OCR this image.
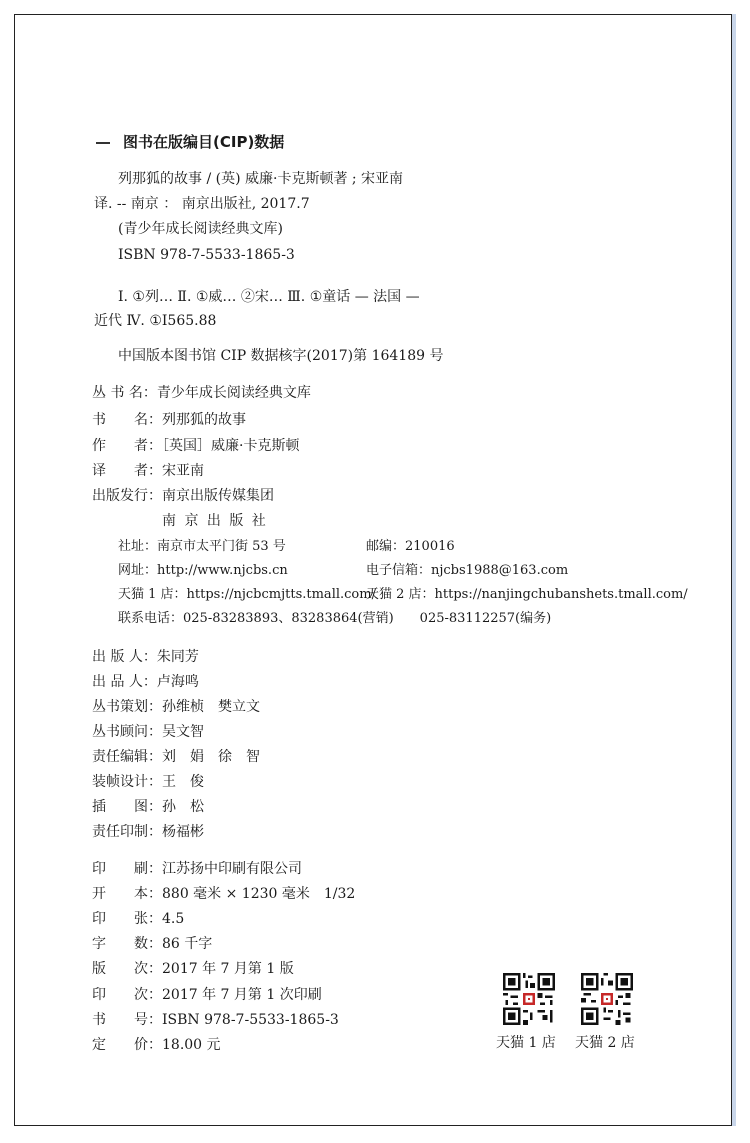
图书在版编目(CIP)数据
列那狐的故事 / (英) 威廉·卡克斯顿著 ; 宋亚南
译. -- 南京 ： 南京出版社, 2017.7
(青少年成长阅读经典文库)
ISBN 978-7-5533-1865-3
Ⅰ. ①列… Ⅱ. ①威… ②宋… Ⅲ. ①童话 — 法国 —
近代 Ⅳ. ①I565.88
中国版本图书馆 CIP 数据核字(2017)第 164189 号
丛 书 名：青少年成长阅读经典文库
书　　名：列那狐的故事
作　　者：［英国］威廉·卡克斯顿
译　　者：宋亚南
出版发行：南京出版传媒集团
南 京 出 版 社
社址：南京市太平门街 53 号	邮编：210016
网址：http://www.njcbs.cn	电子信箱：njcbs1988@163.com
天猫 1 店：https://njcbcmjtts.tmall.com/
天猫 2 店：https://nanjingchubanshets.tmall.com/
联系电话：025-83283893、83283864(营销)　　025-83112257(编务)
出 版 人：朱同芳
出 品 人：卢海鸣
丛书策划：孙维桢　樊立文
丛书顾问：吴文智
责任编辑：刘　娟　徐　智
装帧设计：王　俊
插　　图：孙　松
责任印制：杨福彬
印　　刷：江苏扬中印刷有限公司
开　　本：880 毫米 × 1230 毫米　1/32
印　　张：4.5
字　　数：86 千字
版　　次：2017 年 7 月第 1 版
印　　次：2017 年 7 月第 1 次印刷
书　　号：ISBN 978-7-5533-1865-3
定　　价：18.00 元	天猫 1 店 天猫 2 店
